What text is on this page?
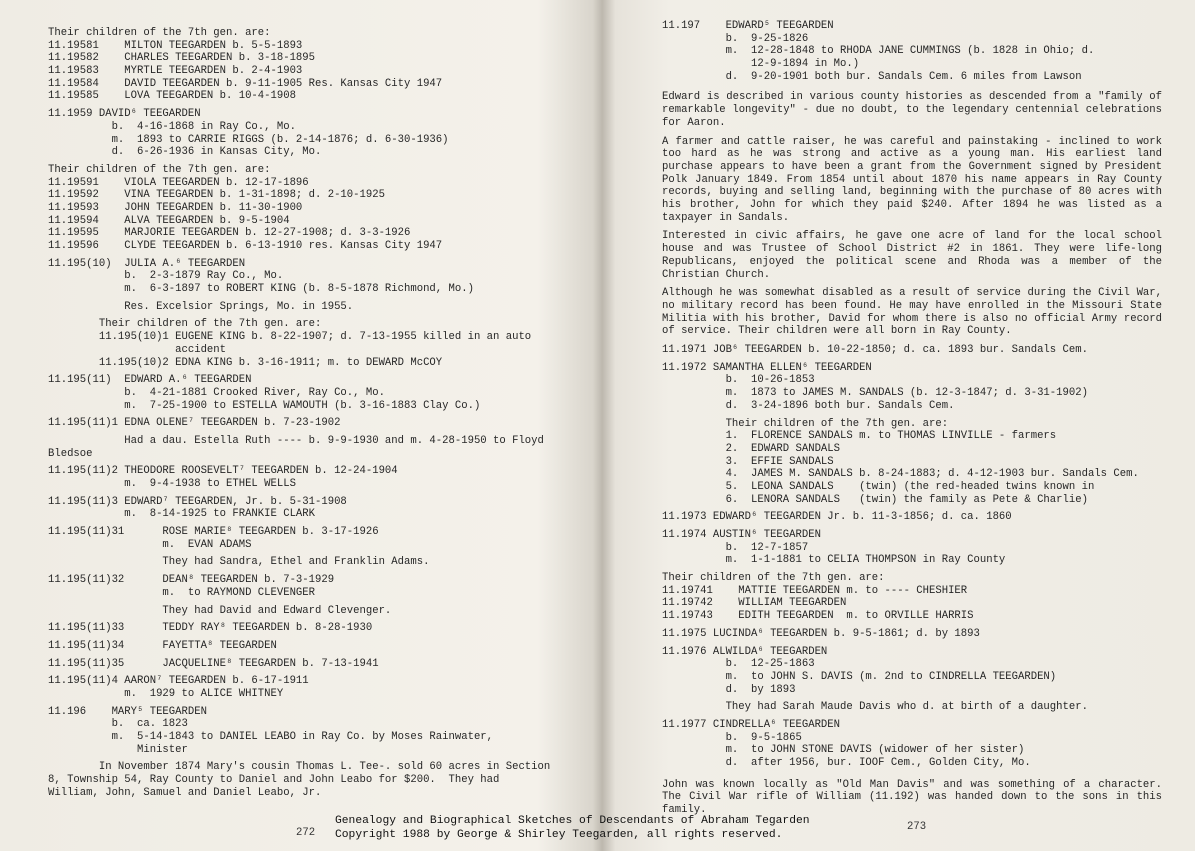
Their children of the 7th gen. are:
11.19581    MILTON TEEGARDEN b. 5-5-1893
11.19582    CHARLES TEEGARDEN b. 3-18-1895
11.19583    MYRTLE TEEGARDEN b. 2-4-1903
11.19584    DAVID TEEGARDEN b. 9-11-1905 Res. Kansas City 1947
11.19585    LOVA TEEGARDEN b. 10-4-1908
11.1959 DAVID⁶ TEEGARDEN
b.  4-16-1868 in Ray Co., Mo.
m.  1893 to CARRIE RIGGS (b. 2-14-1876; d. 6-30-1936)
d.  6-26-1936 in Kansas City, Mo.
Their children of the 7th gen. are:
11.19591    VIOLA TEEGARDEN b. 12-17-1896
11.19592    VINA TEEGARDEN b. 1-31-1898; d. 2-10-1925
11.19593    JOHN TEEGARDEN b. 11-30-1900
11.19594    ALVA TEEGARDEN b. 9-5-1904
11.19595    MARJORIE TEEGARDEN b. 12-27-1908; d. 3-3-1926
11.19596    CLYDE TEEGARDEN b. 6-13-1910 res. Kansas City 1947
11.195(10)  JULIA A.⁶ TEEGARDEN
b.  2-3-1879 Ray Co., Mo.
m.  6-3-1897 to ROBERT KING (b. 8-5-1878 Richmond, Mo.)
Res. Excelsior Springs, Mo. in 1955.
Their children of the 7th gen. are:
11.195(10)1 EUGENE KING b. 8-22-1907; d. 7-13-1955 killed in an auto
accident
11.195(10)2 EDNA KING b. 3-16-1911; m. to DEWARD McCOY
11.195(11)  EDWARD A.⁶ TEEGARDEN
b.  4-21-1881 Crooked River, Ray Co., Mo.
m.  7-25-1900 to ESTELLA WAMOUTH (b. 3-16-1883 Clay Co.)
11.195(11)1 EDNA OLENE⁷ TEEGARDEN b. 7-23-1902
Had a dau. Estella Ruth ---- b. 9-9-1930 and m. 4-28-1950 to Floyd
Bledsoe
11.195(11)2 THEODORE ROOSEVELT⁷ TEEGARDEN b. 12-24-1904
m.  9-4-1938 to ETHEL WELLS
11.195(11)3 EDWARD⁷ TEEGARDEN, Jr. b. 5-31-1908
m.  8-14-1925 to FRANKIE CLARK
11.195(11)31      ROSE MARIE⁸ TEEGARDEN b. 3-17-1926
m.  EVAN ADAMS
They had Sandra, Ethel and Franklin Adams.
11.195(11)32      DEAN⁸ TEEGARDEN b. 7-3-1929
m.  to RAYMOND CLEVENGER
They had David and Edward Clevenger.
11.195(11)33      TEDDY RAY⁸ TEEGARDEN b. 8-28-1930
11.195(11)34      FAYETTA⁸ TEEGARDEN
11.195(11)35      JACQUELINE⁸ TEEGARDEN b. 7-13-1941
11.195(11)4 AARON⁷ TEEGARDEN b. 6-17-1911
m.  1929 to ALICE WHITNEY
11.196    MARY⁵ TEEGARDEN
b.  ca. 1823
m.  5-14-1843 to DANIEL LEABO in Ray Co. by Moses Rainwater,
Minister
In November 1874 Mary's cousin Thomas L. Tee-. sold 60 acres in Section
8, Township 54, Ray County to Daniel and John Leabo for $200.  They had
William, John, Samuel and Daniel Leabo, Jr.
272
11.197    EDWARD⁵ TEEGARDEN
b.  9-25-1826
m.  12-28-1848 to RHODA JANE CUMMINGS (b. 1828 in Ohio; d.
12-9-1894 in Mo.)
d.  9-20-1901 both bur. Sandals Cem. 6 miles from Lawson
Edward is described in various county histories as descended from a "family of remarkable longevity" - due no doubt, to the legendary centennial celebrations for Aaron.
A farmer and cattle raiser, he was careful and painstaking - inclined to work too hard as he was strong and active as a young man. His earliest land purchase appears to have been a grant from the Government signed by President Polk January 1849. From 1854 until about 1870 his name appears in Ray County records, buying and selling land, beginning with the purchase of 80 acres with his brother, John for which they paid $240. After 1894 he was listed as a taxpayer in Sandals.
Interested in civic affairs, he gave one acre of land for the local school house and was Trustee of School District #2 in 1861. They were life-long Republicans, enjoyed the political scene and Rhoda was a member of the Christian Church.
Although he was somewhat disabled as a result of service during the Civil War, no military record has been found. He may have enrolled in the Missouri State Militia with his brother, David for whom there is also no official Army record of service. Their children were all born in Ray County.
11.1971 JOB⁶ TEEGARDEN b. 10-22-1850; d. ca. 1893 bur. Sandals Cem.
11.1972 SAMANTHA ELLEN⁶ TEEGARDEN
b.  10-26-1853
m.  1873 to JAMES M. SANDALS (b. 12-3-1847; d. 3-31-1902)
d.  3-24-1896 both bur. Sandals Cem.
Their children of the 7th gen. are:
1.  FLORENCE SANDALS m. to THOMAS LINVILLE - farmers
2.  EDWARD SANDALS
3.  EFFIE SANDALS
4.  JAMES M. SANDALS b. 8-24-1883; d. 4-12-1903 bur. Sandals Cem.
5.  LEONA SANDALS    (twin) (the red-headed twins known in
6.  LENORA SANDALS   (twin) the family as Pete & Charlie)
11.1973 EDWARD⁶ TEEGARDEN Jr. b. 11-3-1856; d. ca. 1860
11.1974 AUSTIN⁶ TEEGARDEN
b.  12-7-1857
m.  1-1-1881 to CELIA THOMPSON in Ray County
Their children of the 7th gen. are:
11.19741    MATTIE TEEGARDEN m. to ---- CHESHIER
11.19742    WILLIAM TEEGARDEN
11.19743    EDITH TEEGARDEN  m. to ORVILLE HARRIS
11.1975 LUCINDA⁶ TEEGARDEN b. 9-5-1861; d. by 1893
11.1976 ALWILDA⁶ TEEGARDEN
b.  12-25-1863
m.  to JOHN S. DAVIS (m. 2nd to CINDRELLA TEEGARDEN)
d.  by 1893
They had Sarah Maude Davis who d. at birth of a daughter.
11.1977 CINDRELLA⁶ TEEGARDEN
b.  9-5-1865
m.  to JOHN STONE DAVIS (widower of her sister)
d.  after 1956, bur. IOOF Cem., Golden City, Mo.
John was known locally as "Old Man Davis" and was something of a character. The Civil War rifle of William (11.192) was handed down to the sons in this family.
273
Genealogy and Biographical Sketches of Descendants of Abraham Tegarden
Copyright 1988 by George & Shirley Teegarden, all rights reserved.
